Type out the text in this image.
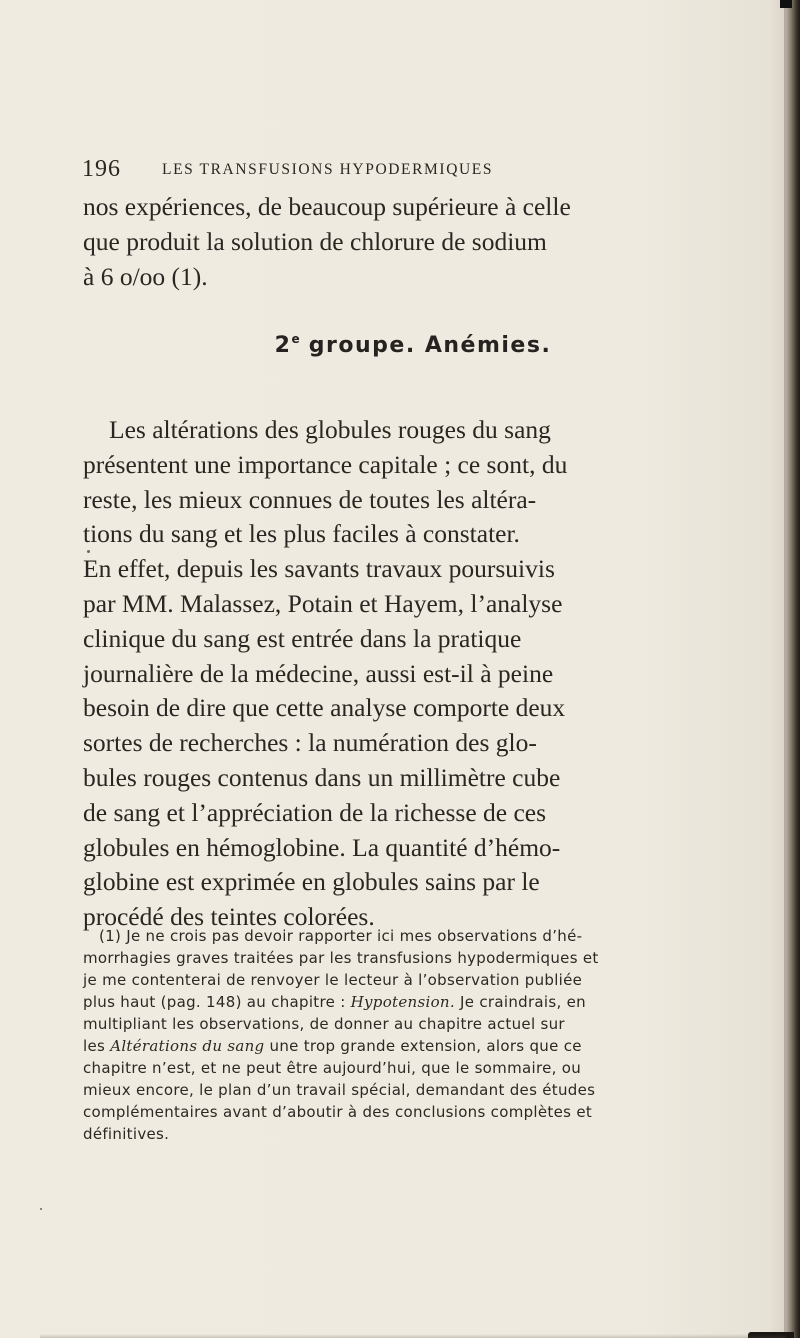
196	LES TRANSFUSIONS HYPODERMIQUES
nos expériences, de beaucoup supérieure à celle
que produit la solution de chlorure de sodium
à 6 o/oo (1).
2e groupe. Anémies.
Les altérations des globules rouges du sang
présentent une importance capitale ; ce sont, du
reste, les mieux connues de toutes les altéra-
tions du sang et les plus faciles à constater.
En effet, depuis les savants travaux poursuivis
par MM. Malassez, Potain et Hayem, l’analyse
clinique du sang est entrée dans la pratique
journalière de la médecine, aussi est-il à peine
besoin de dire que cette analyse comporte deux
sortes de recherches : la numération des glo-
bules rouges contenus dans un millimètre cube
de sang et l’appréciation de la richesse de ces
globules en hémoglobine. La quantité d’hémo-
globine est exprimée en globules sains par le
procédé des teintes colorées.
(1) Je ne crois pas devoir rapporter ici mes observations d’hé-
morrhagies graves traitées par les transfusions hypodermiques et
je me contenterai de renvoyer le lecteur à l’observation publiée
plus haut (pag. 148) au chapitre : Hypotension. Je craindrais, en
multipliant les observations, de donner au chapitre actuel sur
les Altérations du sang une trop grande extension, alors que ce
chapitre n’est, et ne peut être aujourd’hui, que le sommaire, ou
mieux encore, le plan d’un travail spécial, demandant des études
complémentaires avant d’aboutir à des conclusions complètes et
définitives.
